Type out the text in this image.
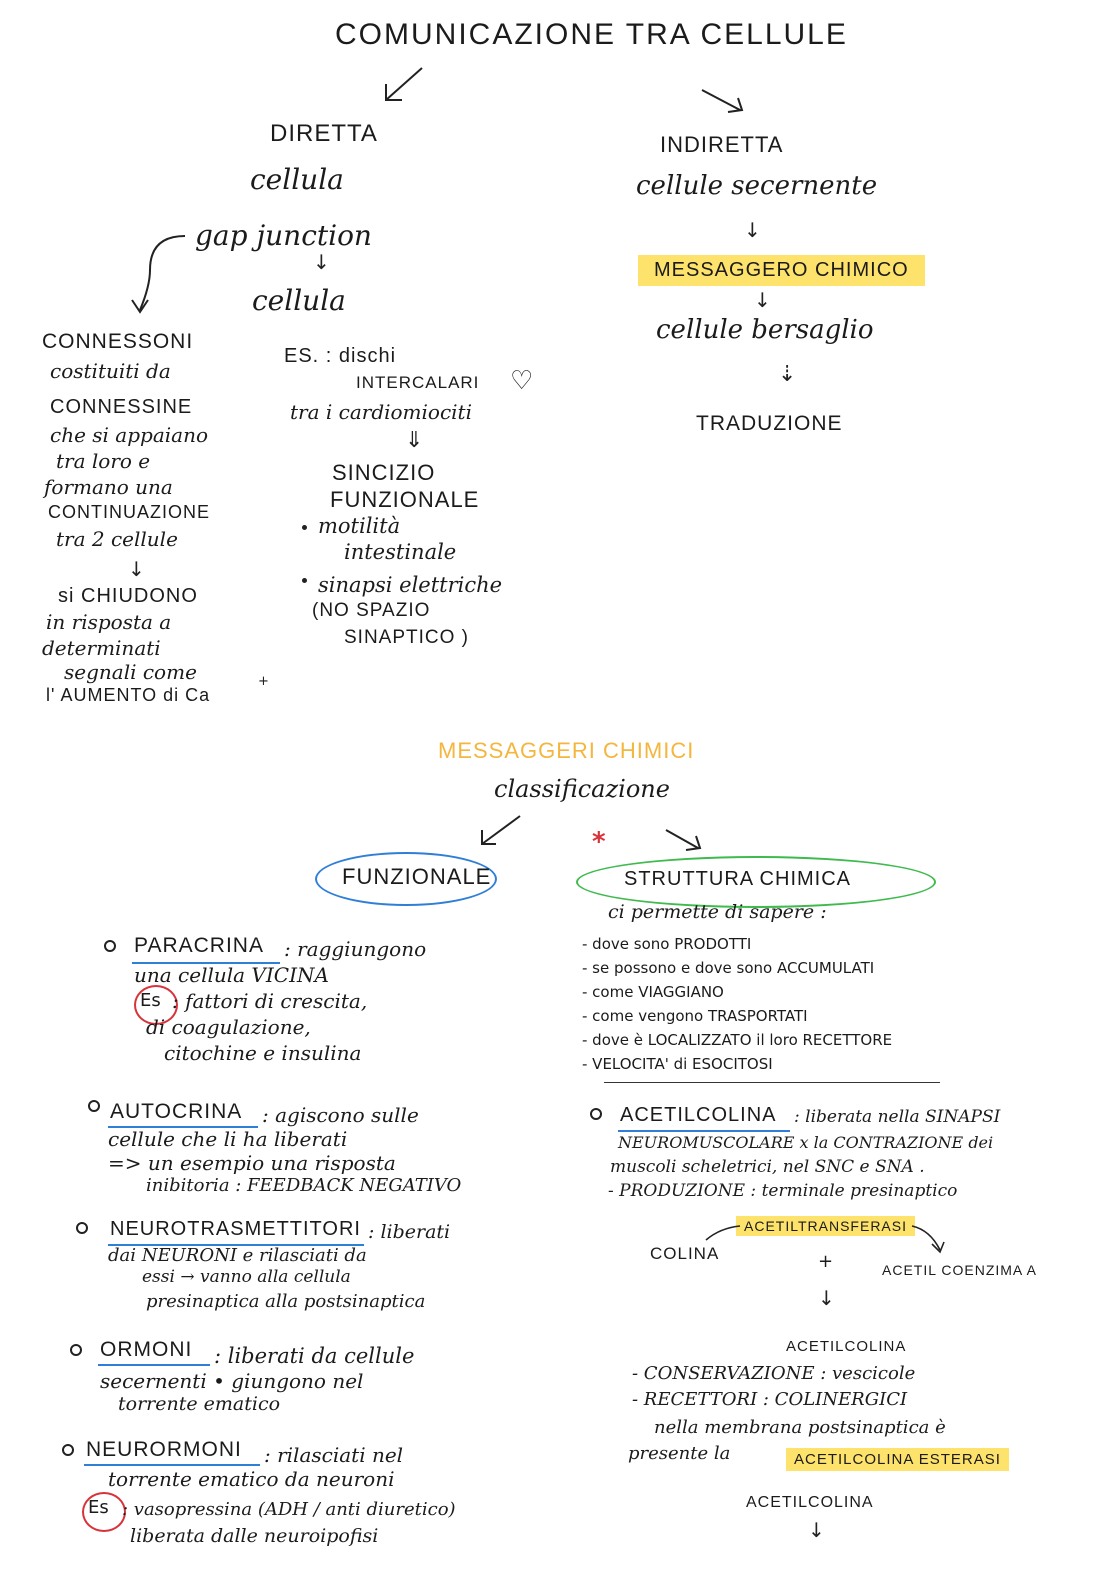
COMUNICAZIONE TRA CELLULE
DIRETTA
cellula
gap junction
↓
cellula
CONNESSONI
costituiti da
CONNESSINE
che si appaiano
tra loro e
formano una
CONTINUAZIONE
tra 2 cellule
↓
si CHIUDONO
in risposta a
determinati
segnali come
l' AUMENTO di Ca
+
ES. : dischi
INTERCALARI ♡
tra i cardiomiociti
⇓
SINCIZIO
FUNZIONALE
motilità
intestinale
sinapsi elettriche
(NO SPAZIO
SINAPTICO )
INDIRETTA
cellule secernente
↓
MESSAGGERO CHIMICO
↓
cellule bersaglio
⇣
TRADUZIONE
MESSAGGERI CHIMICI
classificazione
*
FUNZIONALE	STRUTTURA CHIMICA
ci permette di sapere :
- dove sono PRODOTTI
- se possono e dove sono ACCUMULATI
- come VIAGGIANO
- come vengono TRASPORTATI
- dove è LOCALIZZATO il loro RECETTORE
- VELOCITA' di ESOCITOSI
PARACRINA : raggiungono
una cellula VICINA
Es : fattori di crescita,
di coagulazione,
citochine e insulina
AUTOCRINA : agiscono sulle
cellule che li ha liberati
=> un esempio una risposta
inibitoria : FEEDBACK NEGATIVO
NEUROTRASMETTITORI : liberati
dai NEURONI e rilasciati da
essi → vanno alla cellula
presinaptica alla postsinaptica
ORMONI : liberati da cellule
secernenti • giungono nel
torrente ematico
NEURORMONI : rilasciati nel
torrente ematico da neuroni
Es : vasopressina (ADH / anti diuretico)
liberata dalle neuroipofisi
ACETILCOLINA : liberata nella SINAPSI
NEUROMUSCOLARE x la CONTRAZIONE dei
muscoli scheletrici, nel SNC e SNA .
- PRODUZIONE : terminale presinaptico
ACETILTRANSFERASI
COLINA	+	ACETIL COENZIMA A
↓
ACETILCOLINA
- CONSERVAZIONE : vescicole
- RECETTORI : COLINERGICI
nella membrana postsinaptica è
presente la	ACETILCOLINA ESTERASI
ACETILCOLINA
↓
